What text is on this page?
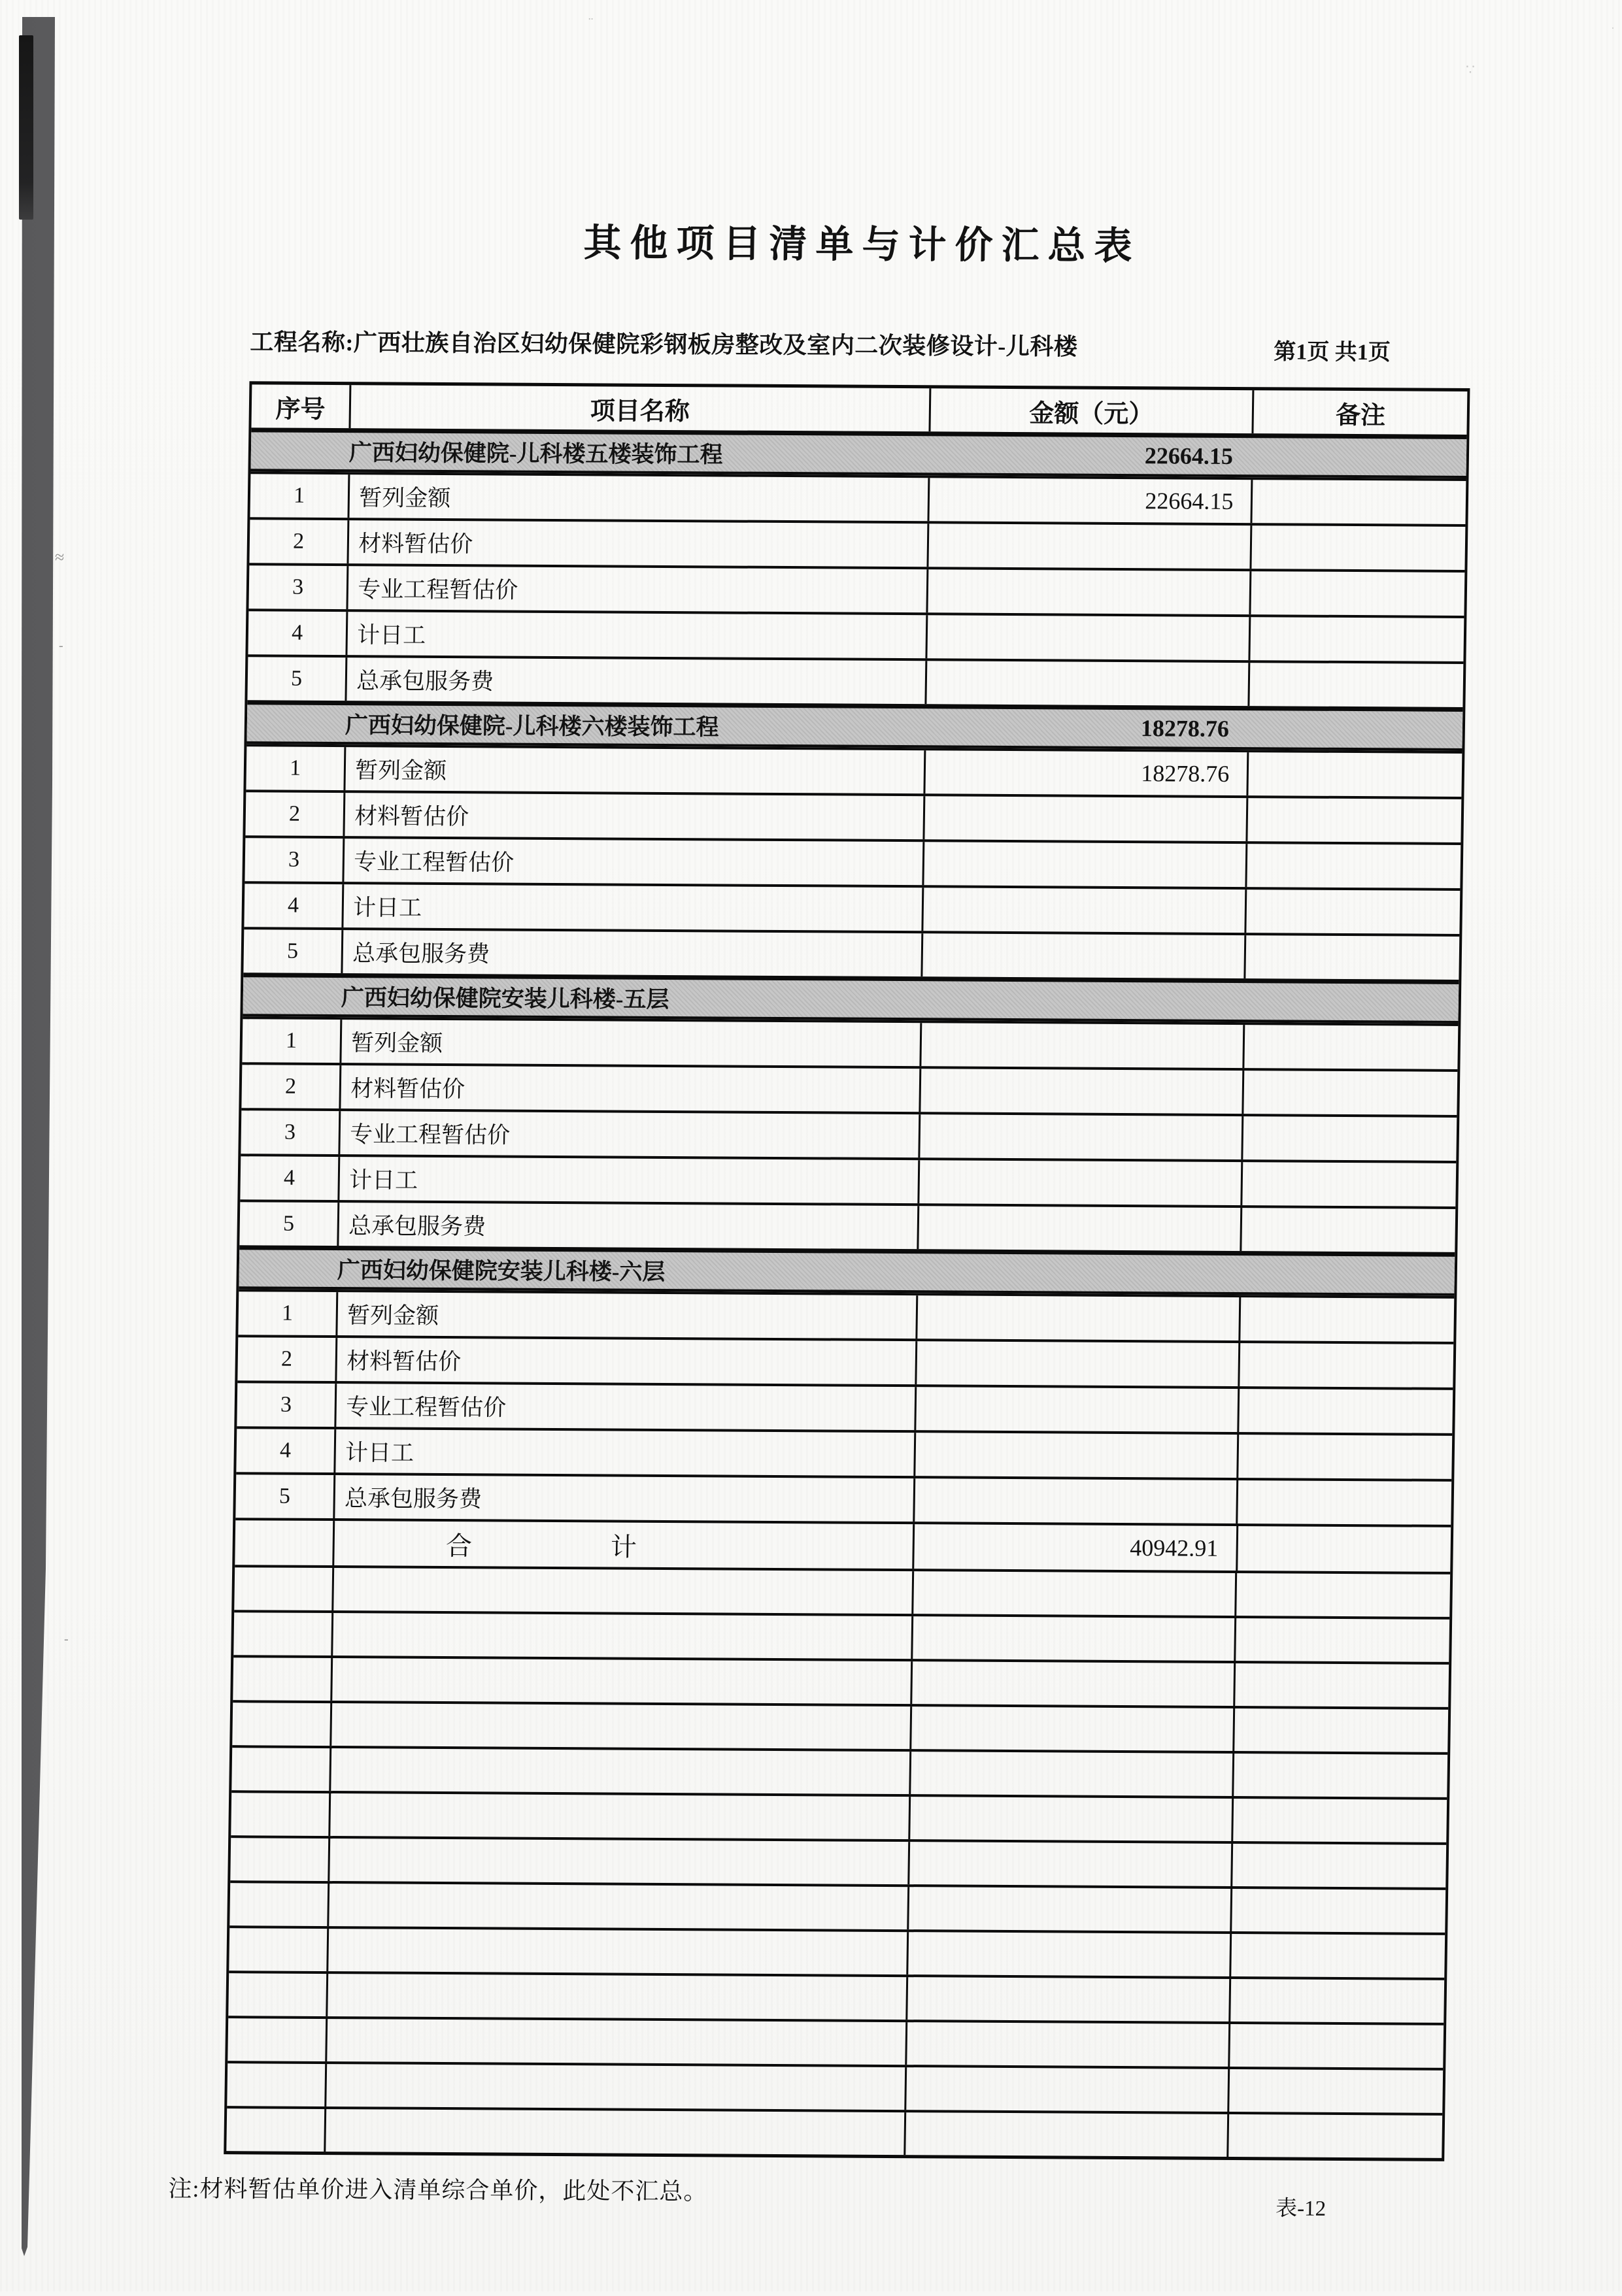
≈
-
-
¨
∵
·
其他项目清单与计价汇总表
工程名称:广西壮族自治区妇幼保健院彩钢板房整改及室内二次装修设计-儿科楼	第1页 共1页
序号	项目名称	金额（元）	备注
广西妇幼保健院-儿科楼五楼装饰工程	22664.15
1	暂列金额	22664.15
2	材料暂估价
3	专业工程暂估价
4	计日工
5	总承包服务费
广西妇幼保健院-儿科楼六楼装饰工程	18278.76
1	暂列金额	18278.76
2	材料暂估价
3	专业工程暂估价
4	计日工
5	总承包服务费
广西妇幼保健院安装儿科楼-五层
1	暂列金额
2	材料暂估价
3	专业工程暂估价
4	计日工
5	总承包服务费
广西妇幼保健院安装儿科楼-六层
1	暂列金额
2	材料暂估价
3	专业工程暂估价
4	计日工
5	总承包服务费
合　　　　　计	40942.91
注:材料暂估单价进入清单综合单价，此处不汇总。
表-12
